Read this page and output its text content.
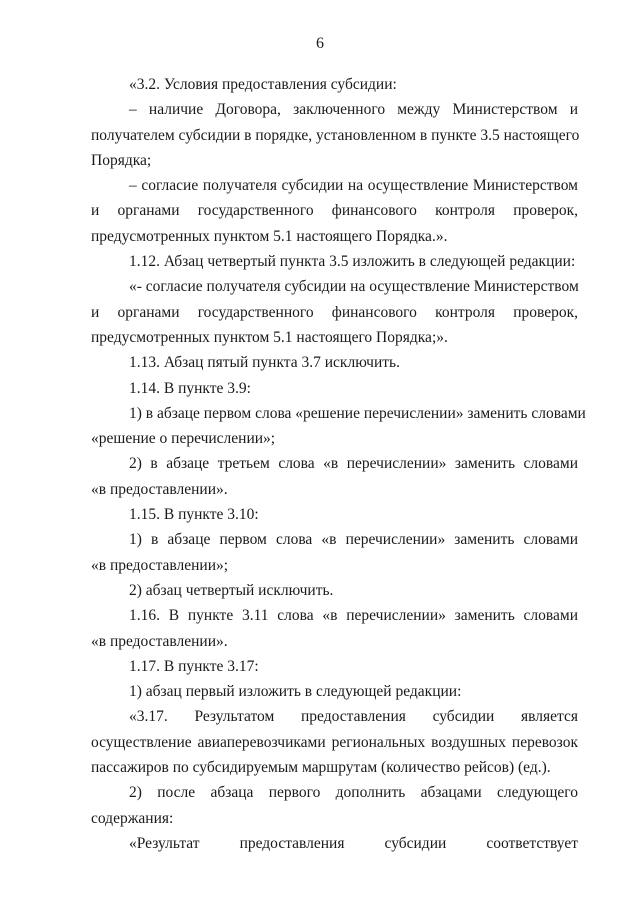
6
«3.2. Условия предоставления субсидии:
– наличие Договора, заключенного между Министерством и
получателем субсидии в порядке, установленном в пункте 3.5 настоящего
Порядка;
– согласие получателя субсидии на осуществление Министерством
и органами государственного финансового контроля проверок,
предусмотренных пунктом 5.1 настоящего Порядка.».
1.12. Абзац четвертый пункта 3.5 изложить в следующей редакции:
«- согласие получателя субсидии на осуществление Министерством
и органами государственного финансового контроля проверок,
предусмотренных пунктом 5.1 настоящего Порядка;».
1.13. Абзац пятый пункта 3.7 исключить.
1.14. В пункте 3.9:
1) в абзаце первом слова «решение перечислении» заменить словами
«решение о перечислении»;
2) в абзаце третьем слова «в перечислении» заменить словами
«в предоставлении».
1.15. В пункте 3.10:
1) в абзаце первом слова «в перечислении» заменить словами
«в предоставлении»;
2) абзац четвертый исключить.
1.16. В пункте 3.11 слова «в перечислении» заменить словами
«в предоставлении».
1.17. В пункте 3.17:
1) абзац первый изложить в следующей редакции:
«3.17. Результатом предоставления субсидии является
осуществление авиаперевозчиками региональных воздушных перевозок
пассажиров по субсидируемым маршрутам (количество рейсов) (ед.).
2) после абзаца первого дополнить абзацами следующего
содержания:
«Результат предоставления субсидии соответствует
